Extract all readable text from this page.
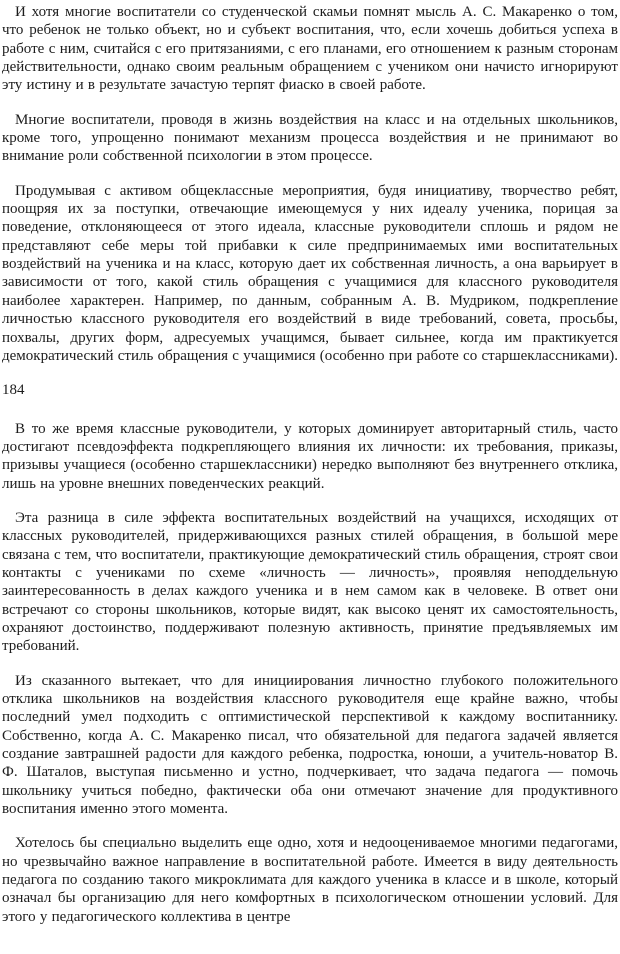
И хотя многие воспитатели со студенческой скамьи помнят мысль А. С. Макаренко о том, что ребенок не только объект, но и субъект воспитания, что, если хочешь добиться успеха в работе с ним, считайся с его притязаниями, с его планами, его отношением к разным сторонам действительности, однако своим реальным обращением с учеником они начисто игнорируют эту истину и в результате зачастую терпят фиаско в своей работе.

Многие воспитатели, проводя в жизнь воздействия на класс и на отдельных школьников, кроме того, упрощенно понимают механизм процесса воздействия и не принимают во внимание роли собственной психологии в этом процессе.

Продумывая с активом общеклассные мероприятия, будя инициативу, творчество ребят, поощряя их за поступки, отвечающие имеющемуся у них идеалу ученика, порицая за поведение, отклоняющееся от этого идеала, классные руководители сплошь и рядом не представляют себе меры той прибавки к силе предпринимаемых ими воспитательных воздействий на ученика и на класс, которую дает их собственная личность, а она варьирует в зависимости от того, какой стиль обращения с учащимися для классного руководителя наиболее характерен. Например, по данным, собранным А. В. Мудриком, подкрепление личностью классного руководителя его воздействий в виде требований, совета, просьбы, похвалы, других форм, адресуемых учащимся, бывает сильнее, когда им практикуется демократический стиль обращения с учащимися (особенно при работе со старшеклассниками).

184

В то же время классные руководители, у которых доминирует авторитарный стиль, часто достигают псевдоэффекта подкрепляющего влияния их личности: их требования, приказы, призывы учащиеся (особенно старшеклассники) нередко выполняют без внутреннего отклика, лишь на уровне внешних поведенческих реакций.

Эта разница в силе эффекта воспитательных воздействий на учащихся, исходящих от классных руководителей, придерживающихся разных стилей обращения, в большой мере связана с тем, что воспитатели, практикующие демократический стиль обращения, строят свои контакты с учениками по схеме «личность — личность», проявляя неподдельную заинтересованность в делах каждого ученика и в нем самом как в человеке. В ответ они встречают со стороны школьников, которые видят, как высоко ценят их самостоятельность, охраняют достоинство, поддерживают полезную активность, принятие предъявляемых им требований.

Из сказанного вытекает, что для инициирования личностно глубокого положительного отклика школьников на воздействия классного руководителя еще крайне важно, чтобы последний умел подходить с оптимистической перспективой к каждому воспитаннику. Собственно, когда А. С. Макаренко писал, что обязательной для педагога задачей является создание завтрашней радости для каждого ребенка, подростка, юноши, а учитель-новатор В. Ф. Шаталов, выступая письменно и устно, подчеркивает, что задача педагога — помочь школьнику учиться победно, фактически оба они отмечают значение для продуктивного воспитания именно этого момента.

Хотелось бы специально выделить еще одно, хотя и недооцениваемое многими педагогами, но чрезвычайно важное направление в воспитательной работе. Имеется в виду деятельность педагога по созданию такого микроклимата для каждого ученика в классе и в школе, который означал бы организацию для него комфортных в психологическом отношении условий. Для этого у педагогического коллектива в центре
